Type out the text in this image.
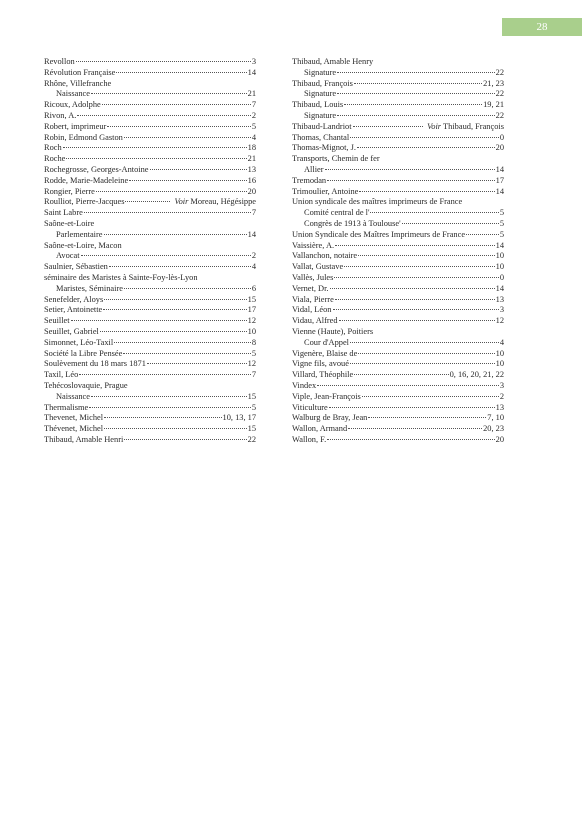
28
Revollon	3
Révolution Française	14
Rhône, Villefranche
Naissance	21
Ricoux, Adolphe	7
Rivon, A.	2
Robert, imprimeur	5
Robin, Edmond Gaston	4
Roch	18
Roche	21
Rochegrosse, Georges-Antoine	13
Rodde, Marie-Madeleine	16
Rongier, Pierre	20
Roulliot, Pierre-Jacques	Voir Moreau, Hégésippe
Saint Labre	7
Saône-et-Loire
Parlementaire	14
Saône-et-Loire, Macon
Avocat	2
Saulnier, Sébastien	4
séminaire des Maristes à Sainte-Foy-lès-Lyon
Maristes, Séminaire	6
Senefelder, Aloys	15
Setier, Antoinette	17
Seuillet	12
Seuillet, Gabriel	10
Simonnet, Léo-Taxil	8
Société la Libre Pensée	5
Soulèvement du 18 mars 1871	12
Taxil, Léo	7
Tehécoslovaquie, Prague
Naissance	15
Thermalisme	5
Thevenet, Michel	10, 13, 17
Thévenet, Michel	15
Thibaud, Amable Henri	22
Thibaud, Amable Henry
Signature	22
Thibaud, François	21, 23
Signature	22
Thibaud, Louis	19, 21
Signature	22
Thibaud-Landriot	Voir Thibaud, François
Thomas, Chantal	0
Thomas-Mignot, J.	20
Transports, Chemin de fer
Allier	14
Tremodan	17
Trimoulier, Antoine	14
Union syndicale des maîtres imprimeurs de France
Comité central de l'	5
Congrès de 1913 à Toulouse'	5
Union Syndicale des Maîtres Imprimeurs de France	5
Vaissière, A.	14
Vallanchon, notaire	10
Vallat, Gustave	10
Vallès, Jules	0
Vernet, Dr.	14
Viala, Pierre	13
Vidal, Léon	3
Vidau, Alfred	12
Vienne (Haute), Poitiers
Cour d'Appel	4
Vigenère, Blaise de	10
Vigne fils, avoué	10
Villard, Théophile	0, 16, 20, 21, 22
Vindex	3
Viple, Jean-François	2
Viticulture	13
Walburg de Bray, Jean	7, 10
Wallon, Armand	20, 23
Wallon, F.	20
